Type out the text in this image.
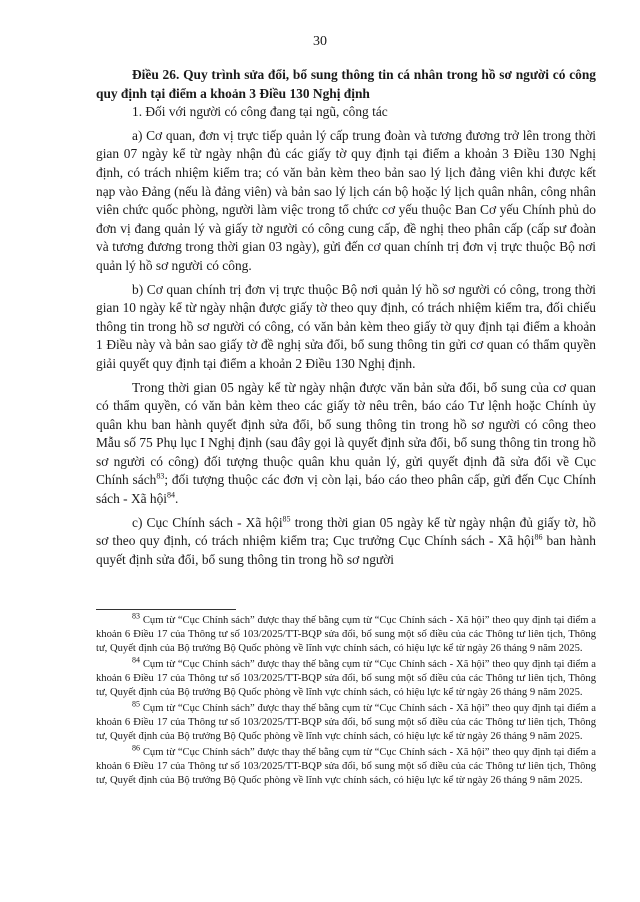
30

Điều 26. Quy trình sửa đổi, bổ sung thông tin cá nhân trong hồ sơ người có công quy định tại điểm a khoản 3 Điều 130 Nghị định

1. Đối với người có công đang tại ngũ, công tác

a) Cơ quan, đơn vị trực tiếp quản lý cấp trung đoàn và tương đương trở lên trong thời gian 07 ngày kể từ ngày nhận đủ các giấy tờ quy định tại điểm a khoản 3 Điều 130 Nghị định, có trách nhiệm kiểm tra; có văn bản kèm theo bản sao lý lịch đảng viên khi được kết nạp vào Đảng (nếu là đảng viên) và bản sao lý lịch cán bộ hoặc lý lịch quân nhân, công nhân viên chức quốc phòng, người làm việc trong tổ chức cơ yếu thuộc Ban Cơ yếu Chính phủ do đơn vị đang quản lý và giấy tờ người có công cung cấp, đề nghị theo phân cấp (cấp sư đoàn và tương đương trong thời gian 03 ngày), gửi đến cơ quan chính trị đơn vị trực thuộc Bộ nơi quản lý hồ sơ người có công.

b) Cơ quan chính trị đơn vị trực thuộc Bộ nơi quản lý hồ sơ người có công, trong thời gian 10 ngày kể từ ngày nhận được giấy tờ theo quy định, có trách nhiệm kiểm tra, đối chiếu thông tin trong hồ sơ người có công, có văn bản kèm theo giấy tờ quy định tại điểm a khoản 1 Điều này và bản sao giấy tờ đề nghị sửa đổi, bổ sung thông tin gửi cơ quan có thẩm quyền giải quyết quy định tại điểm a khoản 2 Điều 130 Nghị định.

Trong thời gian 05 ngày kể từ ngày nhận được văn bản sửa đổi, bổ sung của cơ quan có thẩm quyền, có văn bản kèm theo các giấy tờ nêu trên, báo cáo Tư lệnh hoặc Chính ủy quân khu ban hành quyết định sửa đổi, bổ sung thông tin trong hồ sơ người có công theo Mẫu số 75 Phụ lục I Nghị định (sau đây gọi là quyết định sửa đổi, bổ sung thông tin trong hồ sơ người có công) đối tượng thuộc quân khu quản lý, gửi quyết định đã sửa đổi về Cục Chính sách$^{83}$; đối tượng thuộc các đơn vị còn lại, báo cáo theo phân cấp, gửi đến Cục Chính sách - Xã hội$^{84}$.

c) Cục Chính sách - Xã hội$^{85}$ trong thời gian 05 ngày kể từ ngày nhận đủ giấy tờ, hồ sơ theo quy định, có trách nhiệm kiểm tra; Cục trưởng Cục Chính sách - Xã hội$^{86}$ ban hành quyết định sửa đổi, bổ sung thông tin trong hồ sơ người

$^{83}$ Cụm từ “Cục Chính sách” được thay thế bằng cụm từ “Cục Chính sách - Xã hội” theo quy định tại điểm a khoản 6 Điều 17 của Thông tư số 103/2025/TT-BQP sửa đổi, bổ sung một số điều của các Thông tư liên tịch, Thông tư, Quyết định của Bộ trưởng Bộ Quốc phòng về lĩnh vực chính sách, có hiệu lực kể từ ngày 26 tháng 9 năm 2025.

$^{84}$ Cụm từ “Cục Chính sách” được thay thế bằng cụm từ “Cục Chính sách - Xã hội” theo quy định tại điểm a khoản 6 Điều 17 của Thông tư số 103/2025/TT-BQP sửa đổi, bổ sung một số điều của các Thông tư liên tịch, Thông tư, Quyết định của Bộ trưởng Bộ Quốc phòng về lĩnh vực chính sách, có hiệu lực kể từ ngày 26 tháng 9 năm 2025.

$^{85}$ Cụm từ “Cục Chính sách” được thay thế bằng cụm từ “Cục Chính sách - Xã hội” theo quy định tại điểm a khoản 6 Điều 17 của Thông tư số 103/2025/TT-BQP sửa đổi, bổ sung một số điều của các Thông tư liên tịch, Thông tư, Quyết định của Bộ trưởng Bộ Quốc phòng về lĩnh vực chính sách, có hiệu lực kể từ ngày 26 tháng 9 năm 2025.

$^{86}$ Cụm từ “Cục Chính sách” được thay thế bằng cụm từ “Cục Chính sách - Xã hội” theo quy định tại điểm a khoản 6 Điều 17 của Thông tư số 103/2025/TT-BQP sửa đổi, bổ sung một số điều của các Thông tư liên tịch, Thông tư, Quyết định của Bộ trưởng Bộ Quốc phòng về lĩnh vực chính sách, có hiệu lực kể từ ngày 26 tháng 9 năm 2025.
